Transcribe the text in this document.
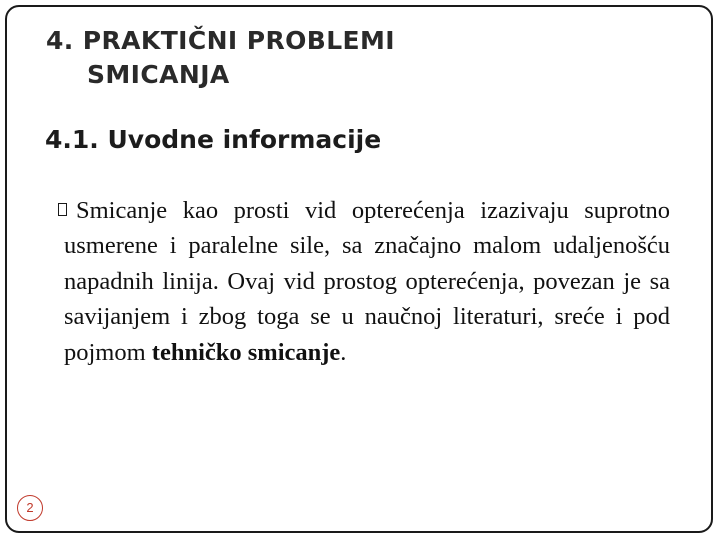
4. PRAKTIČNI PROBLEMI
SMICANJA
4.1. Uvodne informacije

Smicanje kao prosti vid opterećenja izazivaju suprotno usmerene i paralelne sile, sa značajno malom udaljenošću napadnih linija. Ovaj vid prostog opterećenja, povezan je sa savijanjem i zbog toga se u naučnoj literaturi, sreće i pod pojmom tehničko smicanje.

2
